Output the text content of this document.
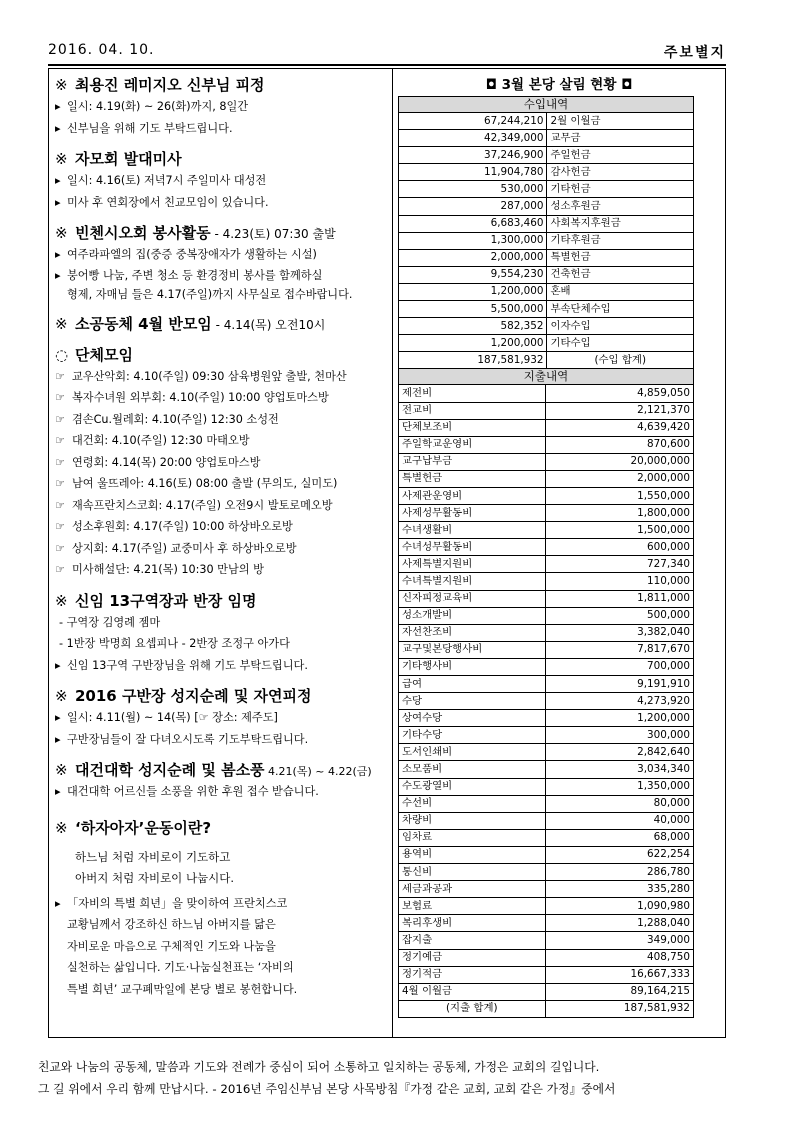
2016. 04. 10.	주보별지
※ 최용진 레미지오 신부님 피정
▸ 일시: 4.19(화) ~ 26(화)까지, 8일간
▸ 신부님을 위해 기도 부탁드립니다.
※ 자모회 발대미사
▸ 일시: 4.16(토) 저녁7시 주일미사 대성전
▸ 미사 후 연회장에서 친교모임이 있습니다.
※ 빈첸시오회 봉사활동 - 4.23(토) 07:30 출발
▸ 여주라파엘의 집(중증 중복장애자가 생활하는 시설)
▸ 붕어빵 나눔, 주변 청소 등 환경정비 봉사를 함께하실
형제, 자매님 들은 4.17(주일)까지 사무실로 접수바랍니다.
※ 소공동체 4월 반모임 - 4.14(목) 오전10시
◌ 단체모임
☞ 교우산악회: 4.10(주일) 09:30 삼육병원앞 출발, 천마산
☞ 복자수녀원 외부회: 4.10(주일) 10:00 양업토마스방
☞ 겸손Cu.월레회: 4.10(주일) 12:30 소성전
☞ 대건회: 4.10(주일) 12:30 마태오방
☞ 연령회: 4.14(목) 20:00 양업토마스방
☞ 남여 울뜨레아: 4.16(토) 08:00 출발 (무의도, 실미도)
☞ 재속프란치스코회: 4.17(주일) 오전9시 발토로메오방
☞ 성소후원회: 4.17(주일) 10:00 하상바오로방
☞ 상지회: 4.17(주일) 교중미사 후 하상바오로방
☞ 미사해설단: 4.21(목) 10:30 만남의 방
※ 신임 13구역장과 반장 임명
- 구역장 김영례 젬마
- 1반장 박명희 요셉피나 - 2반장 조정구 아가다
▸ 신임 13구역 구반장님을 위해 기도 부탁드립니다.
※ 2016 구반장 성지순례 및 자연피정
▸ 일시: 4.11(월) ~ 14(목) [☞ 장소: 제주도]
▸ 구반장님들이 잘 다녀오시도록 기도부탁드립니다.
※ 대건대학 성지순례 및 봄소풍 4.21(목) ~ 4.22(금)
▸ 대건대학 어르신들 소풍을 위한 후원 접수 받습니다.
※ ‘하자아자’운동이란?
하느님 처럼 자비로이 기도하고
아버지 처럼 자비로이 나눕시다.
▸ 「자비의 특별 희년」을 맞이하여 프란치스코
교황님께서 강조하신 하느님 아버지를 닮은
자비로운 마음으로 구체적인 기도와 나눔을
실천하는 삶입니다. 기도·나눔실천표는 ‘자비의
특별 희년’ 교구폐막일에 본당 별로 봉헌합니다.
◘ 3월 본당 살림 현황 ◘
수입내역	
67,244,210	2월 이월금
42,349,000	교무금
37,246,900	주일헌금
11,904,780	감사헌금
530,000	기타헌금
287,000	성소후원금
6,683,460	사회복지후원금
1,300,000	기타후원금
2,000,000	특별헌금
9,554,230	건축헌금
1,200,000	혼배
5,500,000	부속단체수입
582,352	이자수입
1,200,000	기타수입
187,581,932	(수입 합계)
지출내역	
제전비	4,859,050
전교비	2,121,370
단체보조비	4,639,420
주일학교운영비	870,600
교구납부금	20,000,000
특별헌금	2,000,000
사제관운영비	1,550,000
사제성무활동비	1,800,000
수녀생활비	1,500,000
수녀성무활동비	600,000
사제특별지원비	727,340
수녀특별지원비	110,000
신자피정교육비	1,811,000
성소개발비	500,000
자선찬조비	3,382,040
교구및본당행사비	7,817,670
기타행사비	700,000
급여	9,191,910
수당	4,273,920
상여수당	1,200,000
기타수당	300,000
도서인쇄비	2,842,640
소모품비	3,034,340
수도광열비	1,350,000
수선비	80,000
차량비	40,000
임차료	68,000
용역비	622,254
통신비	286,780
세금과공과	335,280
보험료	1,090,980
복리후생비	1,288,040
잡지출	349,000
정기예금	408,750
정기적금	16,667,333
4월 이월금	89,164,215
(지출 합계)	187,581,932
친교와 나눔의 공동체, 말씀과 기도와 전례가 중심이 되어 소통하고 일치하는 공동체, 가정은 교회의 길입니다.
그 길 위에서 우리 함께 만납시다. - 2016년 주임신부님 본당 사목방침『가정 같은 교회, 교회 같은 가정』중에서
